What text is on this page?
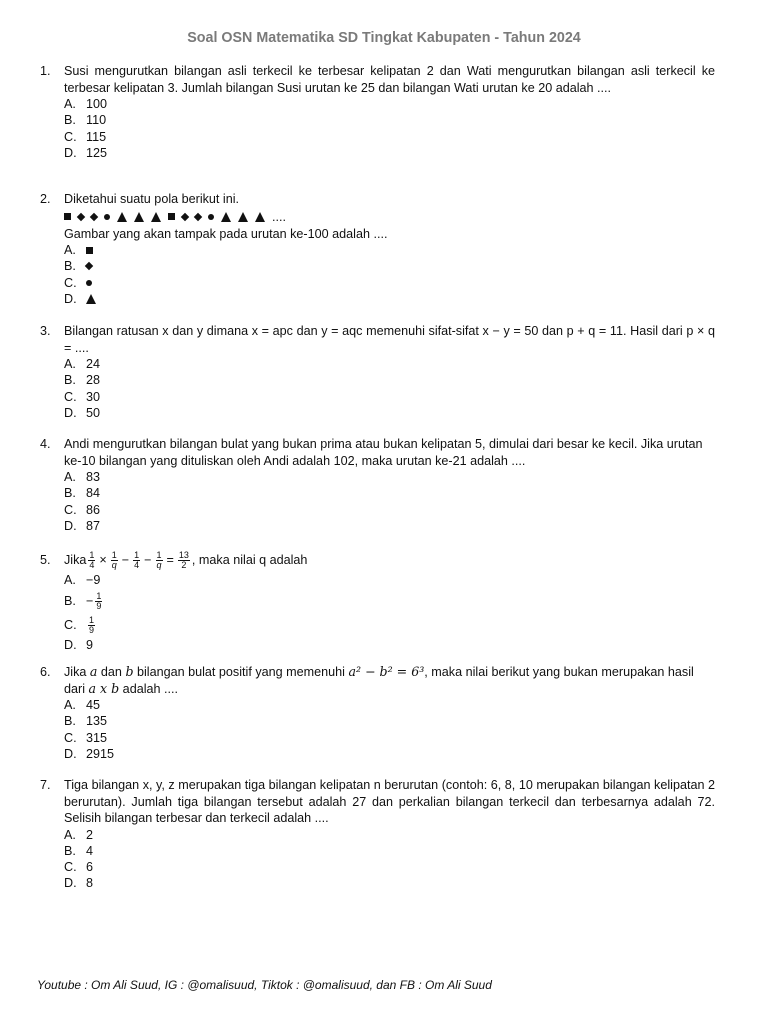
Soal OSN Matematika SD Tingkat Kabupaten - Tahun 2024
1.	Susi mengurutkan bilangan asli terkecil ke terbesar kelipatan 2 dan Wati mengurutkan bilangan asli terkecil ke terbesar kelipatan 3. Jumlah bilangan Susi urutan ke 25 dan bilangan Wati urutan ke 20 adalah ....
A. 100
B. 110
C. 115
D. 125
2.	Diketahui suatu pola berikut ini.
....
Gambar yang akan tampak pada urutan ke-100 adalah ....
A.
B.
C.
D.
3.	Bilangan ratusan x dan y dimana x = apc dan y = aqc memenuhi sifat-sifat x − y = 50 dan p + q = 11. Hasil dari p × q = ....
A. 24
B. 28
C. 30
D. 50
4.	Andi mengurutkan bilangan bulat yang bukan prima atau bukan kelipatan 5, dimulai dari besar ke kecil. Jika urutan ke-10 bilangan yang dituliskan oleh Andi adalah 102, maka urutan ke-21 adalah ....
A. 83
B. 84
C. 86
D. 87
5.	Jika $\frac{1}{4} \times \frac{1}{q} - \frac{1}{4} - \frac{1}{q} = \frac{13}{2}$ , maka nilai q adalah
A. −9
B. − $\frac{1}{9}$
C.	$\frac{1}{9}$
D. 9
6.	Jika a dan b bilangan bulat positif yang memenuhi a² − b² = 6³, maka nilai berikut yang bukan merupakan hasil dari a x b adalah ....
A. 45
B. 135
C. 315
D. 2915
7.	Tiga bilangan x, y, z merupakan tiga bilangan kelipatan n berurutan (contoh: 6, 8, 10 merupakan bilangan kelipatan 2 berurutan). Jumlah tiga bilangan tersebut adalah 27 dan perkalian bilangan terkecil dan terbesarnya adalah 72. Selisih bilangan terbesar dan terkecil adalah ....
A. 2
B. 4
C. 6
D. 8
Youtube : Om Ali Suud, IG : @omalisuud, Tiktok : @omalisuud, dan FB : Om Ali Suud
